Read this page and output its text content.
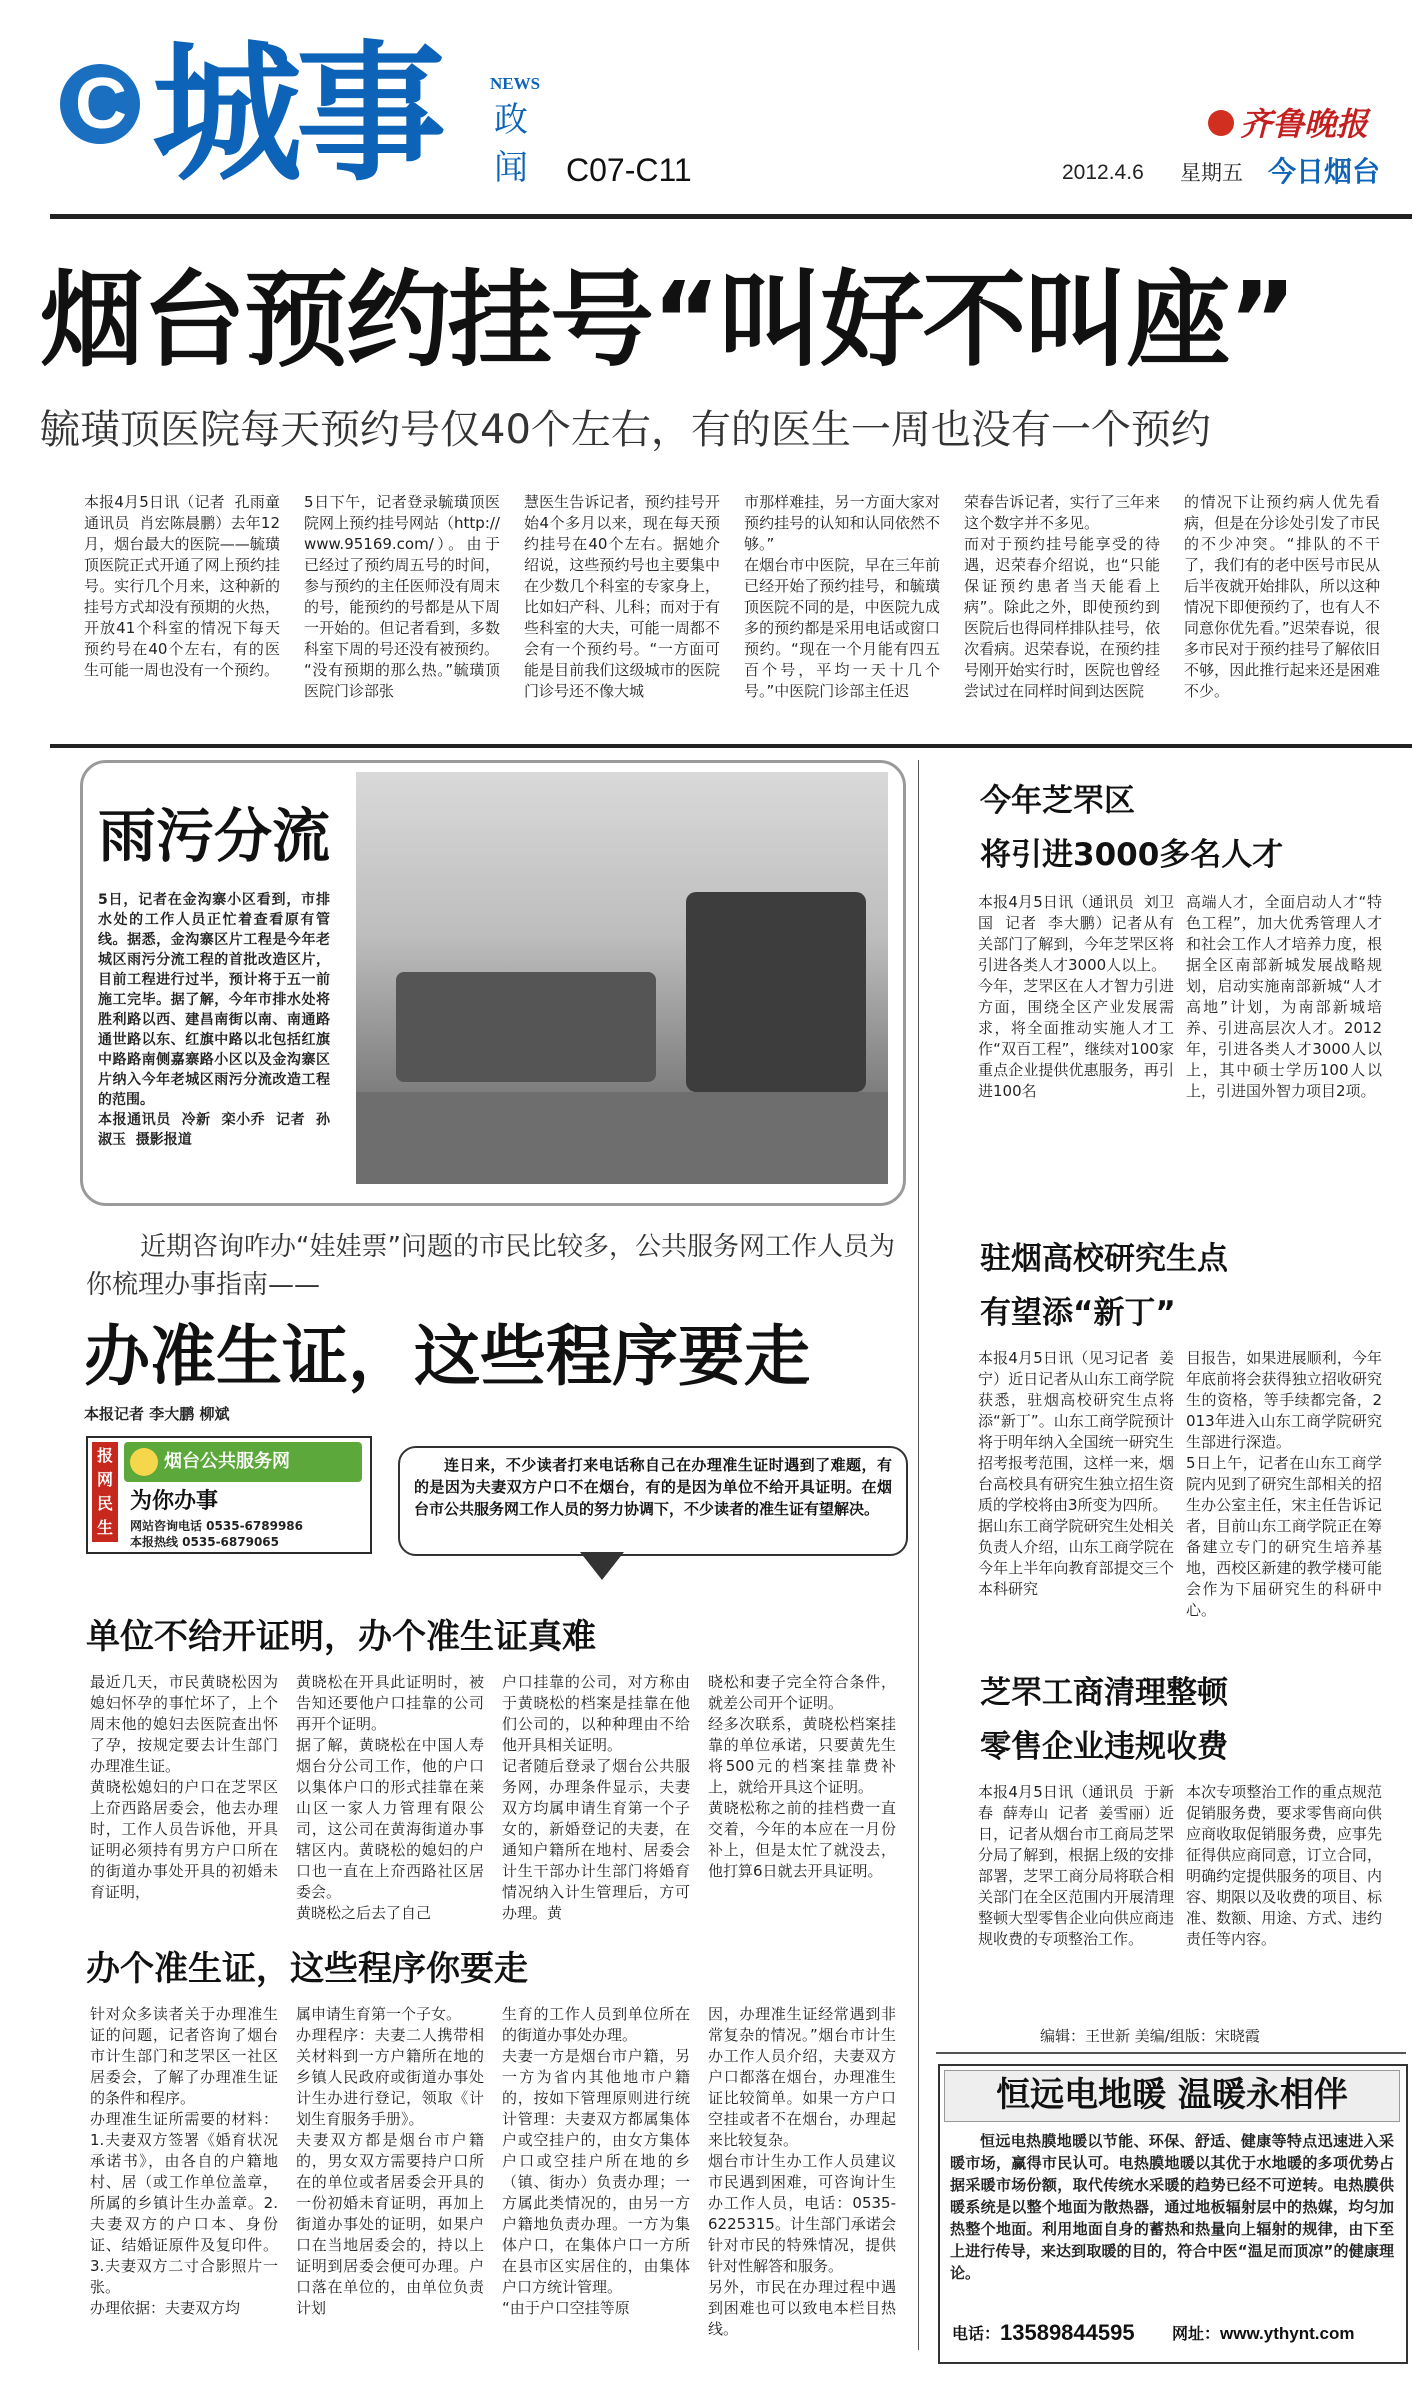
C 城事	NEWS
政
闻 C07-C11
齐鲁晚报
2012.4.6	星期五 今日烟台
烟台预约挂号“叫好不叫座”
毓璜顶医院每天预约号仅40个左右，有的医生一周也没有一个预约
本报4月5日讯（记者  孔雨童  通讯员  肖宏陈晨鹏）去年12月，烟台最大的医院——毓璜顶医院正式开通了网上预约挂号。实行几个月来，这种新的挂号方式却没有预期的火热，开放41个科室的情况下每天预约号在40个左右，有的医生可能一周也没有一个预约。
5日下午，记者登录毓璜顶医院网上预约挂号网站（http://www.95169.com/）。由于已经过了预约周五号的时间，参与预约的主任医师没有周末的号，能预约的号都是从下周一开始的。但记者看到，多数科室下周的号还没有被预约。
“没有预期的那么热。”毓璜顶医院门诊部张
慧医生告诉记者，预约挂号开始4个多月以来，现在每天预约挂号在40个左右。据她介绍说，这些预约号也主要集中在少数几个科室的专家身上，比如妇产科、儿科；而对于有些科室的大夫，可能一周都不会有一个预约号。“一方面可能是目前我们这级城市的医院门诊号还不像大城
市那样难挂，另一方面大家对预约挂号的认知和认同依然不够。”
在烟台市中医院，早在三年前已经开始了预约挂号，和毓璜顶医院不同的是，中医院九成多的预约都是采用电话或窗口预约。“现在一个月能有四五百个号，平均一天十几个号。”中医院门诊部主任迟
荣春告诉记者，实行了三年来这个数字并不多见。
而对于预约挂号能享受的待遇，迟荣春介绍说，也“只能保证预约患者当天能看上病”。除此之外，即使预约到医院后也得同样排队挂号，依次看病。迟荣春说，在预约挂号刚开始实行时，医院也曾经尝试过在同样时间到达医院
的情况下让预约病人优先看病，但是在分诊处引发了市民的不少冲突。“排队的不干了，我们有的老中医号市民从后半夜就开始排队，所以这种情况下即便预约了，也有人不同意你优先看。”迟荣春说，很多市民对于预约挂号了解依旧不够，因此推行起来还是困难不少。
雨污分流
5日，记者在金沟寨小区看到，市排水处的工作人员正忙着查看原有管线。据悉，金沟寨区片工程是今年老城区雨污分流工程的首批改造区片，目前工程进行过半，预计将于五一前施工完毕。据了解，今年市排水处将胜利路以西、建昌南街以南、南通路通世路以东、红旗中路以北包括红旗中路路南侧嘉寨路小区以及金沟寨区片纳入今年老城区雨污分流改造工程的范围。
本报通讯员  冷新  栾小乔  记者  孙淑玉  摄影报道
近期咨询咋办“娃娃票”问题的市民比较多，公共服务网工作人员为你梳理办事指南——
办准生证，这些程序要走
本报记者 李大鹏 柳斌
报网民生
烟台公共服务网
为你办事
网站咨询电话 0535-6789986
本报热线 0535-6879065
连日来，不少读者打来电话称自己在办理准生证时遇到了难题，有的是因为夫妻双方户口不在烟台，有的是因为单位不给开具证明。在烟台市公共服务网工作人员的努力协调下，不少读者的准生证有望解决。
单位不给开证明，办个准生证真难
最近几天，市民黄晓松因为媳妇怀孕的事忙坏了，上个周末他的媳妇去医院查出怀了孕，按规定要去计生部门办理准生证。
黄晓松媳妇的户口在芝罘区上夼西路居委会，他去办理时，工作人员告诉他，开具证明必须持有男方户口所在的街道办事处开具的初婚未育证明，
黄晓松在开具此证明时，被告知还要他户口挂靠的公司再开个证明。
据了解，黄晓松在中国人寿烟台分公司工作，他的户口以集体户口的形式挂靠在莱山区一家人力管理有限公司，这公司在黄海街道办事辖区内。黄晓松的媳妇的户口也一直在上夼西路社区居委会。
黄晓松之后去了自己
户口挂靠的公司，对方称由于黄晓松的档案是挂靠在他们公司的，以种种理由不给他开具相关证明。
记者随后登录了烟台公共服务网，办理条件显示，夫妻双方均属申请生育第一个子女的，新婚登记的夫妻，在通知户籍所在地村、居委会计生干部办计生部门将婚育情况纳入计生管理后，方可办理。黄
晓松和妻子完全符合条件，就差公司开个证明。
经多次联系，黄晓松档案挂靠的单位承诺，只要黄先生将500元的档案挂靠费补上，就给开具这个证明。
黄晓松称之前的挂档费一直交着，今年的本应在一月份补上，但是太忙了就没去，他打算6日就去开具证明。
办个准生证，这些程序你要走
针对众多读者关于办理准生证的问题，记者咨询了烟台市计生部门和芝罘区一社区居委会，了解了办理准生证的条件和程序。
办理准生证所需要的材料：1.夫妻双方签署《婚育状况承诺书》，由各自的户籍地村、居（或工作单位盖章，所属的乡镇计生办盖章。2.夫妻双方的户口本、身份证、结婚证原件及复印件。3.夫妻双方二寸合影照片一张。
办理依据：夫妻双方均
属申请生育第一个子女。
办理程序：夫妻二人携带相关材料到一方户籍所在地的乡镇人民政府或街道办事处计生办进行登记，领取《计划生育服务手册》。
夫妻双方都是烟台市户籍的，男女双方需要持户口所在的单位或者居委会开具的一份初婚未育证明，再加上街道办事处的证明，如果户口在当地居委会的，持以上证明到居委会便可办理。户口落在单位的，由单位负责计划
生育的工作人员到单位所在的街道办事处办理。
夫妻一方是烟台市户籍，另一方为省内其他地市户籍的，按如下管理原则进行统计管理：夫妻双方都属集体户或空挂户的，由女方集体户口或空挂户所在地的乡（镇、街办）负责办理；一方属此类情况的，由另一方户籍地负责办理。一方为集体户口，在集体户口一方所在县市区实居住的，由集体户口方统计管理。
“由于户口空挂等原
因，办理准生证经常遇到非常复杂的情况。”烟台市计生办工作人员介绍，夫妻双方户口都落在烟台，办理准生证比较简单。如果一方户口空挂或者不在烟台，办理起来比较复杂。
烟台市计生办工作人员建议市民遇到困难，可咨询计生办工作人员，电话：0535-6225315。计生部门承诺会针对市民的特殊情况，提供针对性解答和服务。
另外，市民在办理过程中遇到困难也可以致电本栏目热线。
今年芝罘区
将引进3000多名人才
本报4月5日讯（通讯员  刘卫国  记者  李大鹏）记者从有关部门了解到，今年芝罘区将引进各类人才3000人以上。
今年，芝罘区在人才智力引进方面，围绕全区产业发展需求，将全面推动实施人才工作“双百工程”，继续对100家重点企业提供优惠服务，再引进100名
高端人才，全面启动人才“特色工程”，加大优秀管理人才和社会工作人才培养力度，根据全区南部新城发展战略规划，启动实施南部新城“人才高地”计划，为南部新城培养、引进高层次人才。2012年，引进各类人才3000人以上，其中硕士学历100人以上，引进国外智力项目2项。
驻烟高校研究生点
有望添“新丁”
本报4月5日讯（见习记者  姜宁）近日记者从山东工商学院获悉，驻烟高校研究生点将添“新丁”。山东工商学院预计将于明年纳入全国统一研究生招考报考范围，这样一来，烟台高校具有研究生独立招生资质的学校将由3所变为四所。
据山东工商学院研究生处相关负责人介绍，山东工商学院在今年上半年向教育部提交三个本科研究
目报告，如果进展顺利，今年年底前将会获得独立招收研究生的资格，等手续都完备，2013年进入山东工商学院研究生部进行深造。
5日上午，记者在山东工商学院内见到了研究生部相关的招生办公室主任，宋主任告诉记者，目前山东工商学院正在筹备建立专门的研究生培养基地，西校区新建的教学楼可能会作为下届研究生的科研中心。
芝罘工商清理整顿
零售企业违规收费
本报4月5日讯（通讯员  于新春  薛寿山  记者  姜雪丽）近日，记者从烟台市工商局芝罘分局了解到，根据上级的安排部署，芝罘工商分局将联合相关部门在全区范围内开展清理整顿大型零售企业向供应商违规收费的专项整治工作。
本次专项整治工作的重点规范促销服务费，要求零售商向供应商收取促销服务费，应事先征得供应商同意，订立合同，明确约定提供服务的项目、内容、期限以及收费的项目、标准、数额、用途、方式、违约责任等内容。
编辑：王世新 美编/组版：宋晓霞
恒远电地暖 温暖永相伴
恒远电热膜地暖以节能、环保、舒适、健康等特点迅速进入采暖市场，赢得市民认可。电热膜地暖以其优于水地暖的多项优势占据采暖市场份额，取代传统水采暖的趋势已经不可逆转。电热膜供暖系统是以整个地面为散热器，通过地板辐射层中的热媒，均匀加热整个地面。利用地面自身的蓄热和热量向上辐射的规律，由下至上进行传导，来达到取暖的目的，符合中医“温足而顶凉”的健康理论。
电话： 13589844595	网址： www.ythynt.com
